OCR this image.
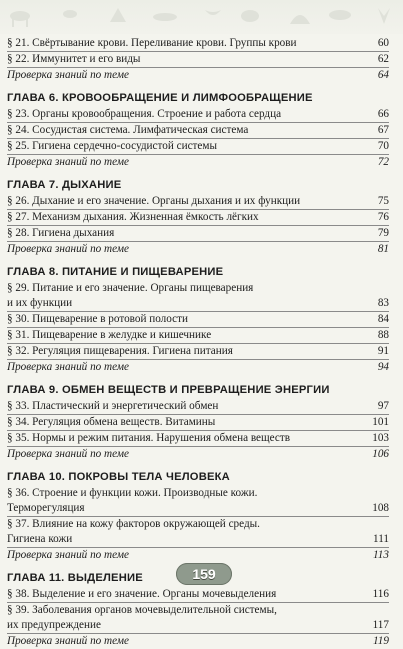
§ 21. Свёртывание крови. Переливание крови. Группы крови	60
§ 22. Иммунитет и его виды	62
Проверка знаний по теме	64
ГЛАВА 6. КРОВООБРАЩЕНИЕ И ЛИМФООБРАЩЕНИЕ
§ 23. Органы кровообращения. Строение и работа сердца	66
§ 24. Сосудистая система. Лимфатическая система	67
§ 25. Гигиена сердечно-сосудистой системы	70
Проверка знаний по теме	72
ГЛАВА 7. ДЫХАНИЕ
§ 26. Дыхание и его значение. Органы дыхания и их функции	75
§ 27. Механизм дыхания. Жизненная ёмкость лёгких	76
§ 28. Гигиена дыхания	79
Проверка знаний по теме	81
ГЛАВА 8. ПИТАНИЕ И ПИЩЕВАРЕНИЕ
§ 29. Питание и его значение. Органы пищеварения
и их функции	83
§ 30. Пищеварение в ротовой полости	84
§ 31. Пищеварение в желудке и кишечнике	88
§ 32. Регуляция пищеварения. Гигиена питания	91
Проверка знаний по теме	94
ГЛАВА 9. ОБМЕН ВЕЩЕСТВ И ПРЕВРАЩЕНИЕ ЭНЕРГИИ
§ 33. Пластический и энергетический обмен	97
§ 34. Регуляция обмена веществ. Витамины	101
§ 35. Нормы и режим питания. Нарушения обмена веществ	103
Проверка знаний по теме	106
ГЛАВА 10. ПОКРОВЫ ТЕЛА ЧЕЛОВЕКА
§ 36. Строение и функции кожи. Производные кожи.
Терморегуляция	108
§ 37. Влияние на кожу факторов окружающей среды.
Гигиена кожи	111
Проверка знаний по теме	113
ГЛАВА 11. ВЫДЕЛЕНИЕ
§ 38. Выделение и его значение. Органы мочевыделения	116
§ 39. Заболевания органов мочевыделительной системы,
их предупреждение	117
Проверка знаний по теме	119
159
